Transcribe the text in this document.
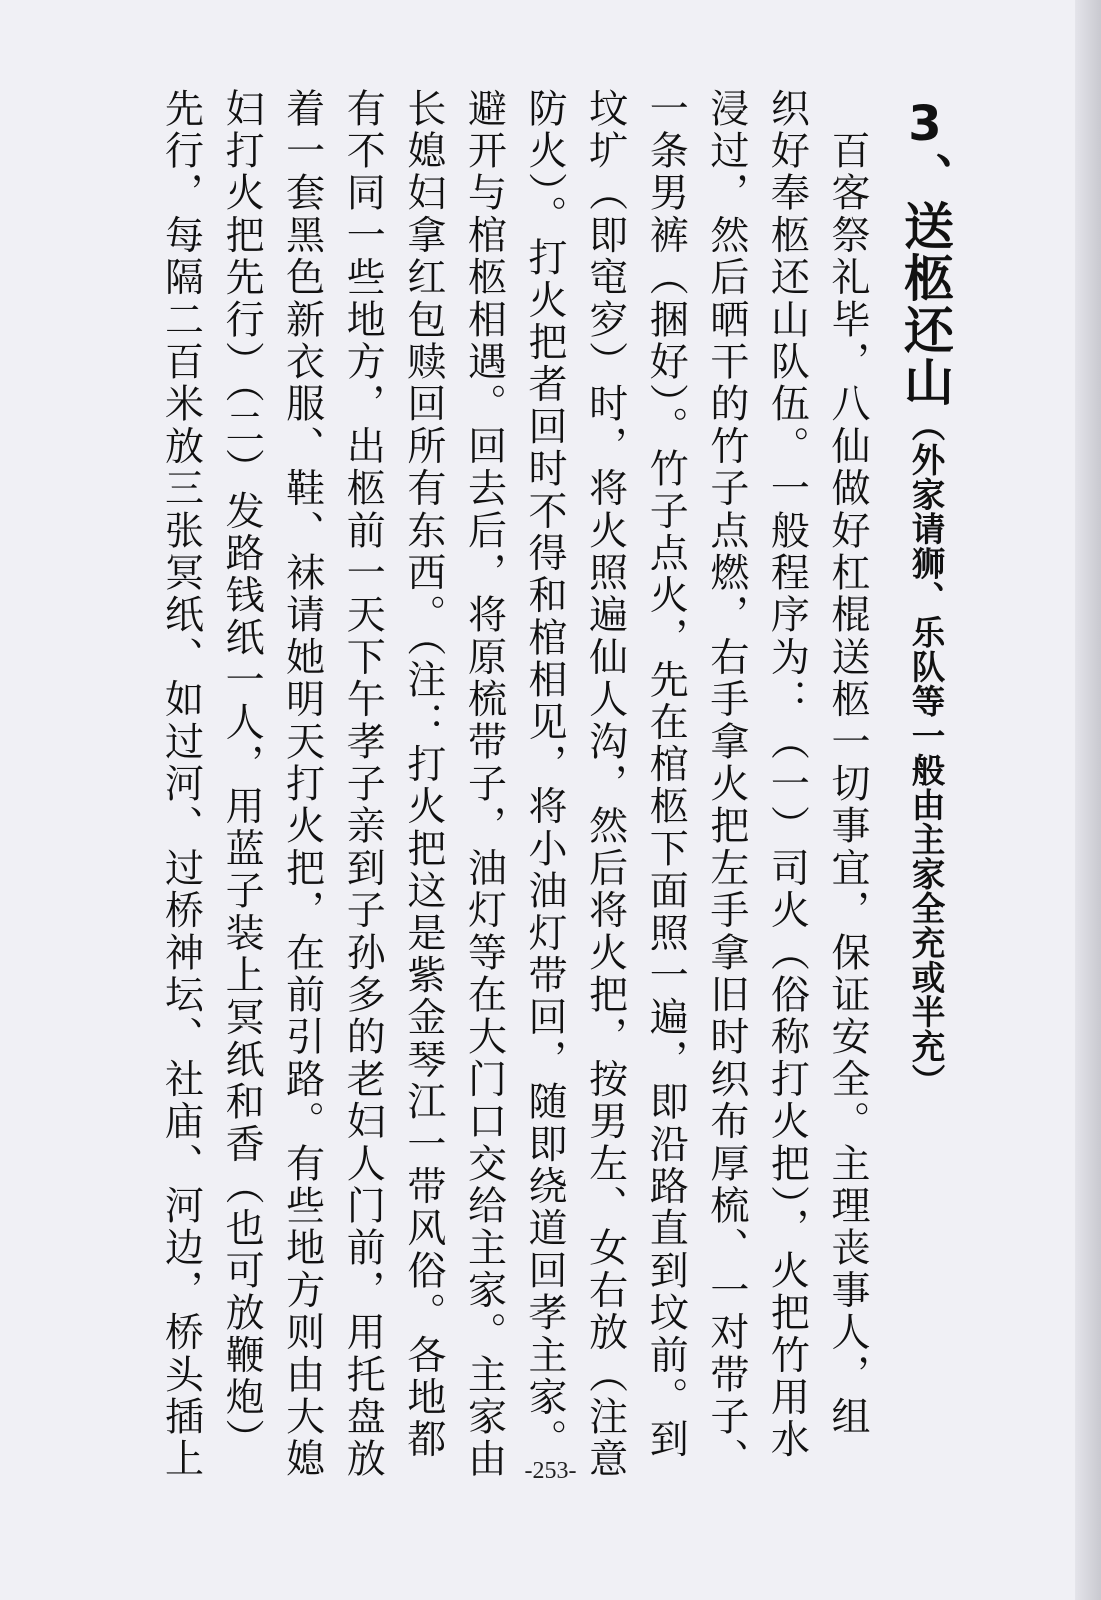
3、送柩还山（外家请狮、乐队等一般由主家全充或半充）
　百客祭礼毕，八仙做好杠棍送柩一切事宜，保证安全。主理丧事人，组
织好奉柩还山队伍。一般程序为：（一）司火（俗称打火把），火把竹用水
浸过，然后晒干的竹子点燃，右手拿火把左手拿旧时织布厚梳、一对带子、
一条男裤（捆好）。竹子点火，先在棺柩下面照一遍，即沿路直到坟前。到
坟圹（即窀穸）时，将火照遍仙人沟，然后将火把，按男左、女右放（注意
防火）。打火把者回时不得和棺相见，将小油灯带回，随即绕道回孝主家。
避开与棺柩相遇。回去后，将原梳带子，油灯等在大门口交给主家。主家由
长媳妇拿红包赎回所有东西。（注：打火把这是紫金琴江一带风俗。各地都
有不同一些地方，出柩前一天下午孝子亲到子孙多的老妇人门前，用托盘放
着一套黑色新衣服、鞋、袜请她明天打火把，在前引路。有些地方则由大媳
妇打火把先行）（二）发路钱纸一人，用蓝子装上冥纸和香（也可放鞭炮）
先行，每隔二百米放三张冥纸、如过河、过桥神坛、社庙、河边，桥头插上	-253-
